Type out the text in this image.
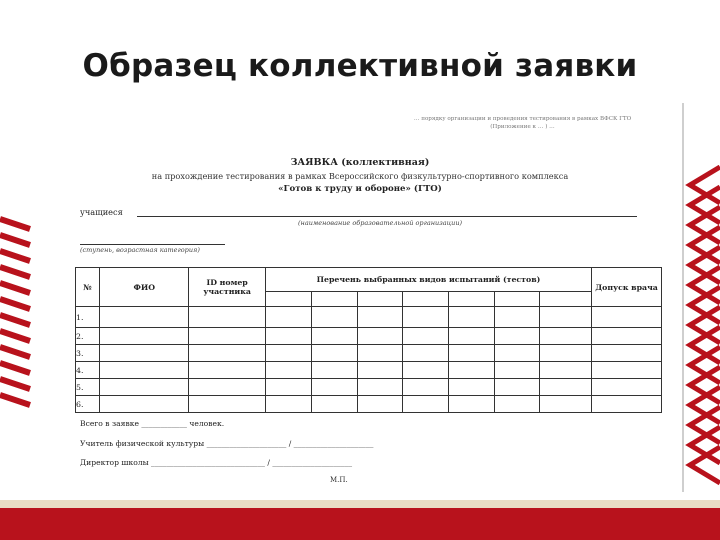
Образец коллективной заявки
… порядку организации и проведения тестирования в рамках ВФСК ГТО (Приложение к … ) …
ЗАЯВКА (коллективная)
на прохождение тестирования в рамках Всероссийского физкультурно-спортивного комплекса
«Готов к труду и обороне» (ГТО)
учащиеся
(наименование образовательной организации)
(ступень, возрастная категория)
№	ФИО	ID номер участника	Перечень выбранных видов испытаний (тестов)							Допуск врача

1.										
2.										
3.										
4.										
5.										
6.										
Всего в заявке ____________ человек.
Учитель физической культуры _____________________ / _____________________
Директор школы ______________________________ / _____________________
М.П.
